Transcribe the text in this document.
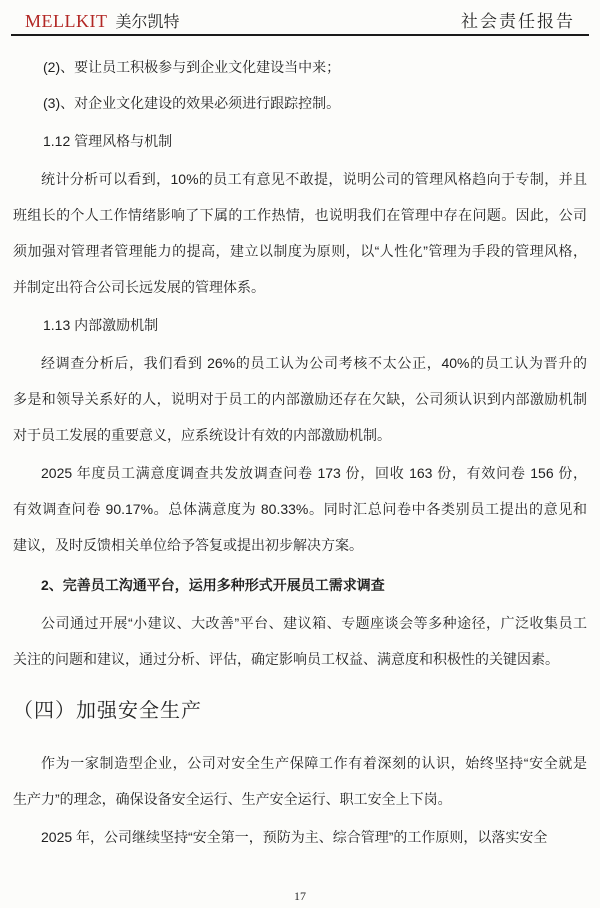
MELLKIT 美尔凯特	社会责任报告
(2)、要让员工积极参与到企业文化建设当中来；
(3)、对企业文化建设的效果必须进行跟踪控制。
1.12 管理风格与机制
统计分析可以看到，10%的员工有意见不敢提，说明公司的管理风格趋向于专制，并且
班组长的个人工作情绪影响了下属的工作热情，也说明我们在管理中存在问题。因此，公司
须加强对管理者管理能力的提高，建立以制度为原则，以“人性化”管理为手段的管理风格，
并制定出符合公司长远发展的管理体系。
1.13 内部激励机制
经调查分析后，我们看到 26%的员工认为公司考核不太公正，40%的员工认为晋升的
多是和领导关系好的人，说明对于员工的内部激励还存在欠缺，公司须认识到内部激励机制
对于员工发展的重要意义，应系统设计有效的内部激励机制。
2025 年度员工满意度调查共发放调查问卷 173 份，回收 163 份，有效问卷 156 份，
有效调查问卷 90.17%。总体满意度为 80.33%。同时汇总问卷中各类别员工提出的意见和
建议，及时反馈相关单位给予答复或提出初步解决方案。
2、完善员工沟通平台，运用多种形式开展员工需求调查
公司通过开展“小建议、大改善”平台、建议箱、专题座谈会等多种途径，广泛收集员工
关注的问题和建议，通过分析、评估，确定影响员工权益、满意度和积极性的关键因素。
（四）加强安全生产
作为一家制造型企业，公司对安全生产保障工作有着深刻的认识，始终坚持“安全就是
生产力”的理念，确保设备安全运行、生产安全运行、职工安全上下岗。
2025 年，公司继续坚持“安全第一，预防为主、综合管理”的工作原则，以落实安全
17
